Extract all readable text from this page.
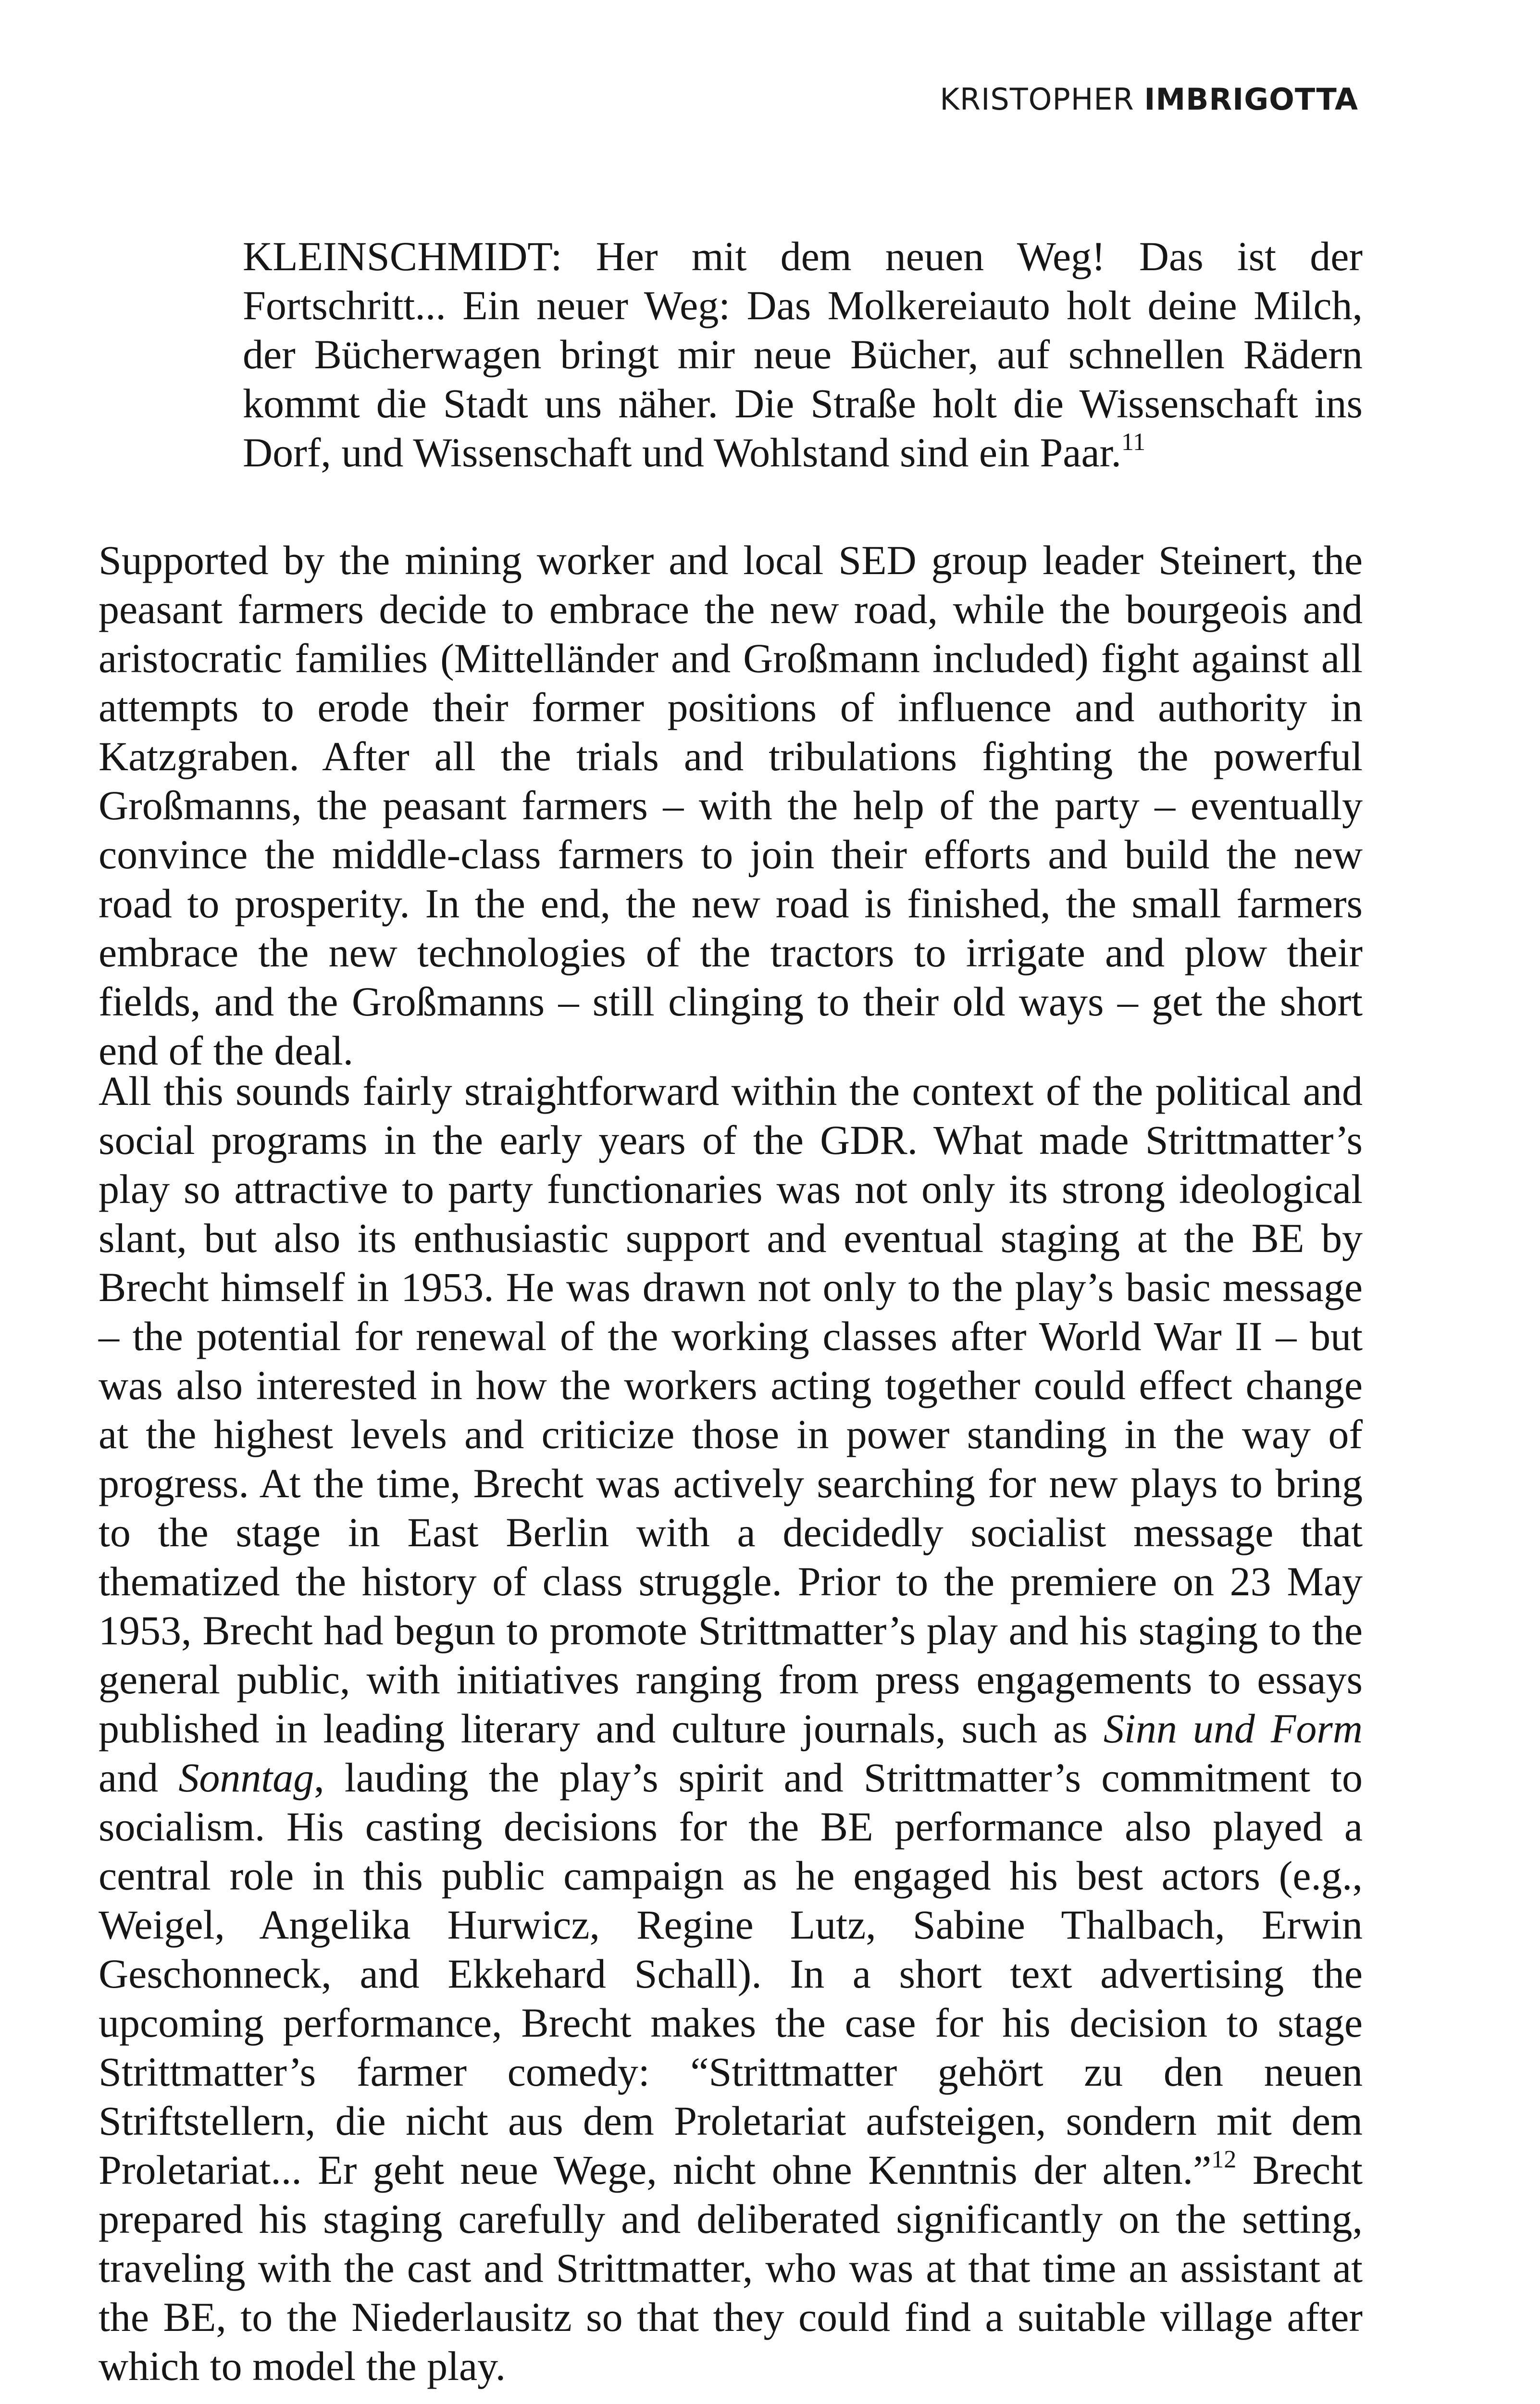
KRISTOPHER IMBRIGOTTA

KLEINSCHMIDT: Her mit dem neuen Weg! Das ist der Fortschritt... Ein neuer Weg: Das Molkereiauto holt deine Milch, der Bücherwagen bringt mir neue Bücher, auf schnellen Rädern kommt die Stadt uns näher. Die Straße holt die Wissenschaft ins Dorf, und Wissenschaft und Wohlstand sind ein Paar.$^{11}$

Supported by the mining worker and local SED group leader Steinert, the peasant farmers decide to embrace the new road, while the bourgeois and aristocratic families (Mittelländer and Großmann included) fight against all attempts to erode their former positions of influence and authority in Katzgraben. After all the trials and tribulations fighting the powerful Großmanns, the peasant farmers – with the help of the party – eventually convince the middle-class farmers to join their efforts and build the new road to prosperity. In the end, the new road is finished, the small farmers embrace the new technologies of the tractors to irrigate and plow their fields, and the Großmanns – still clinging to their old ways – get the short end of the deal.

All this sounds fairly straightforward within the context of the political and social programs in the early years of the GDR. What made Strittmatter’s play so attractive to party functionaries was not only its strong ideological slant, but also its enthusiastic support and eventual staging at the BE by Brecht himself in 1953. He was drawn not only to the play’s basic message – the potential for renewal of the working classes after World War II – but was also interested in how the workers acting together could effect change at the highest levels and criticize those in power standing in the way of progress. At the time, Brecht was actively searching for new plays to bring to the stage in East Berlin with a decidedly socialist message that thematized the history of class struggle. Prior to the premiere on 23 May 1953, Brecht had begun to promote Strittmatter’s play and his staging to the general public, with initiatives ranging from press engagements to essays published in leading literary and culture journals, such as Sinn und Form and Sonntag, lauding the play’s spirit and Strittmatter’s commitment to socialism. His casting decisions for the BE performance also played a central role in this public campaign as he engaged his best actors (e.g., Weigel, Angelika Hurwicz, Regine Lutz, Sabine Thalbach, Erwin Geschonneck, and Ekkehard Schall). In a short text advertising the upcoming performance, Brecht makes the case for his decision to stage Strittmatter’s farmer comedy: “Strittmatter gehört zu den neuen Striftstellern, die nicht aus dem Proletariat aufsteigen, sondern mit dem Proletariat... Er geht neue Wege, nicht ohne Kenntnis der alten.”$^{12}$ Brecht prepared his staging carefully and deliberated significantly on the setting, traveling with the cast and Strittmatter, who was at that time an assistant at the BE, to the Niederlausitz so that they could find a suitable village after which to model the play.
